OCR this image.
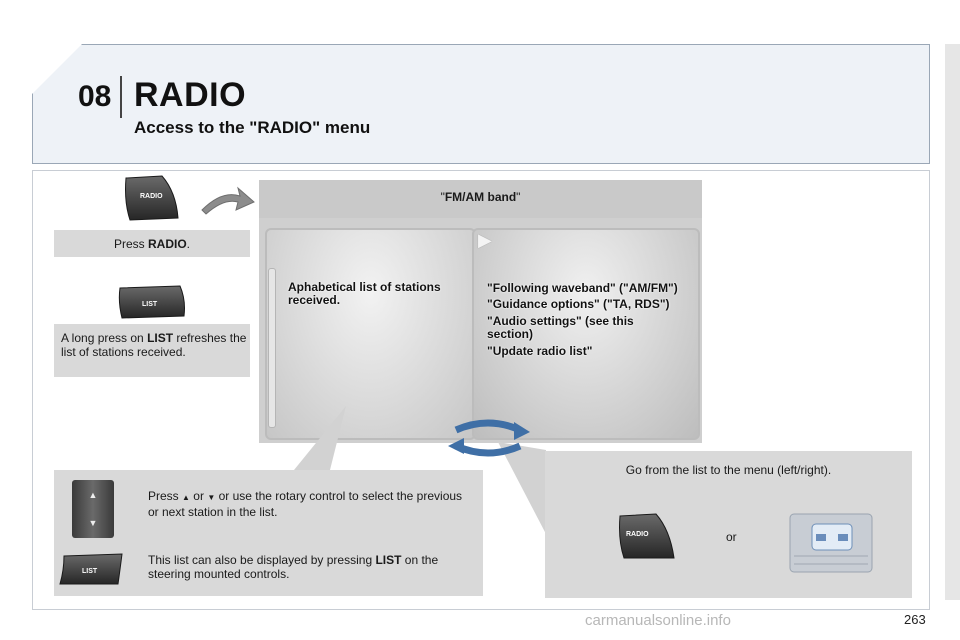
08 RADIO
Access to the "RADIO" menu
RADIO
Press RADIO.
LIST
A long press on LIST refreshes the list of stations received.
"FM/AM band"
▶
Aphabetical list of stations received.
"Following waveband" ("AM/FM")
"Guidance options" ("TA, RDS")
"Audio settings" (see this section)
"Update radio list"
▲
▼
Press ▲ or ▼ or use the rotary control to select the previous or next station in the list.
LIST
This list can also be displayed by pressing LIST on the steering mounted controls.
Go from the list to the menu (left/right).
RADIO	or
carmanualsonline.info	263
